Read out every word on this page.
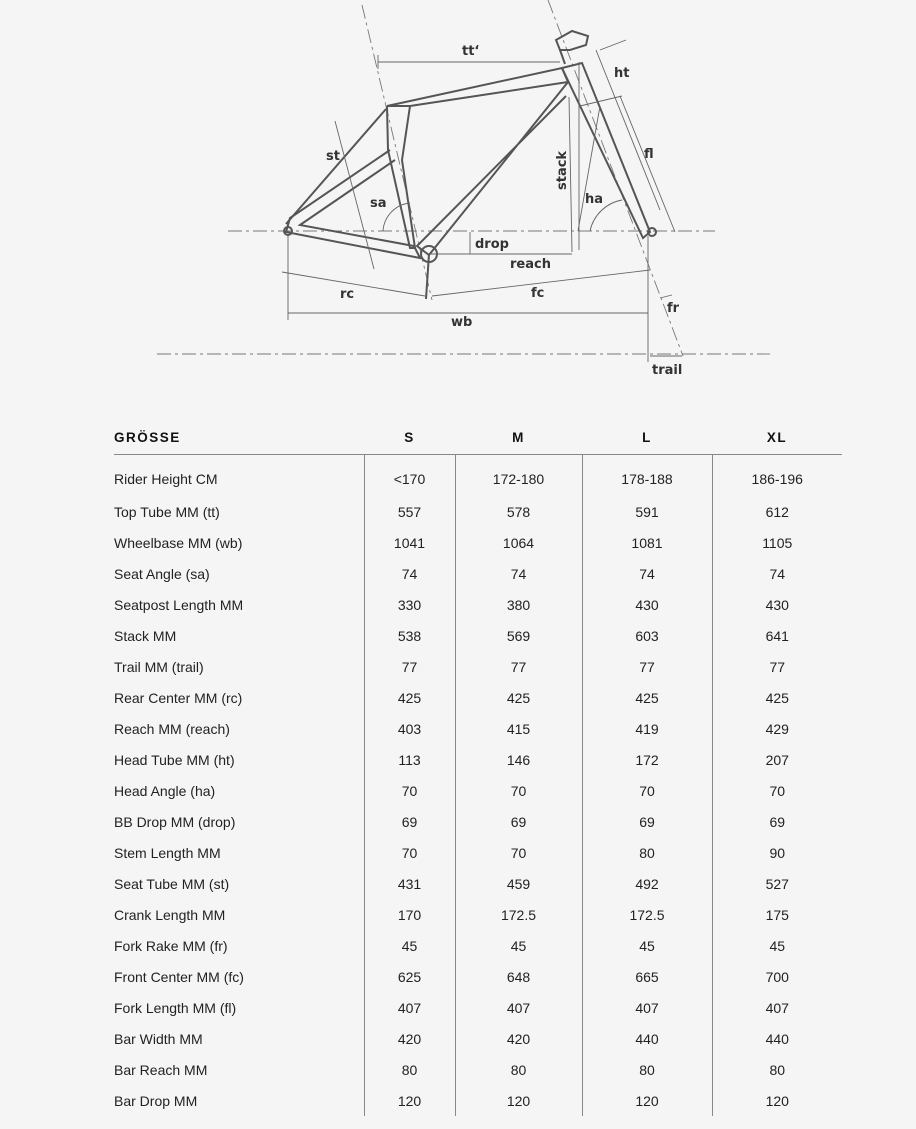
tt‘
ht
st	fl
stack
sa	ha
drop
reach
rc	fc
fr
wb
trail
GRÖSSE	S	M	L	XL
Rider Height CM	<170	172-180	178-188	186-196
Top Tube MM (tt)	557	578	591	612
Wheelbase MM (wb)	1041	1064	1081	1105
Seat Angle (sa)	74	74	74	74
Seatpost Length MM	330	380	430	430
Stack MM	538	569	603	641
Trail MM (trail)	77	77	77	77
Rear Center MM (rc)	425	425	425	425
Reach MM (reach)	403	415	419	429
Head Tube MM (ht)	113	146	172	207
Head Angle (ha)	70	70	70	70
BB Drop MM (drop)	69	69	69	69
Stem Length MM	70	70	80	90
Seat Tube MM (st)	431	459	492	527
Crank Length MM	170	172.5	172.5	175
Fork Rake MM (fr)	45	45	45	45
Front Center MM (fc)	625	648	665	700
Fork Length MM (fl)	407	407	407	407
Bar Width MM	420	420	440	440
Bar Reach MM	80	80	80	80
Bar Drop MM	120	120	120	120
